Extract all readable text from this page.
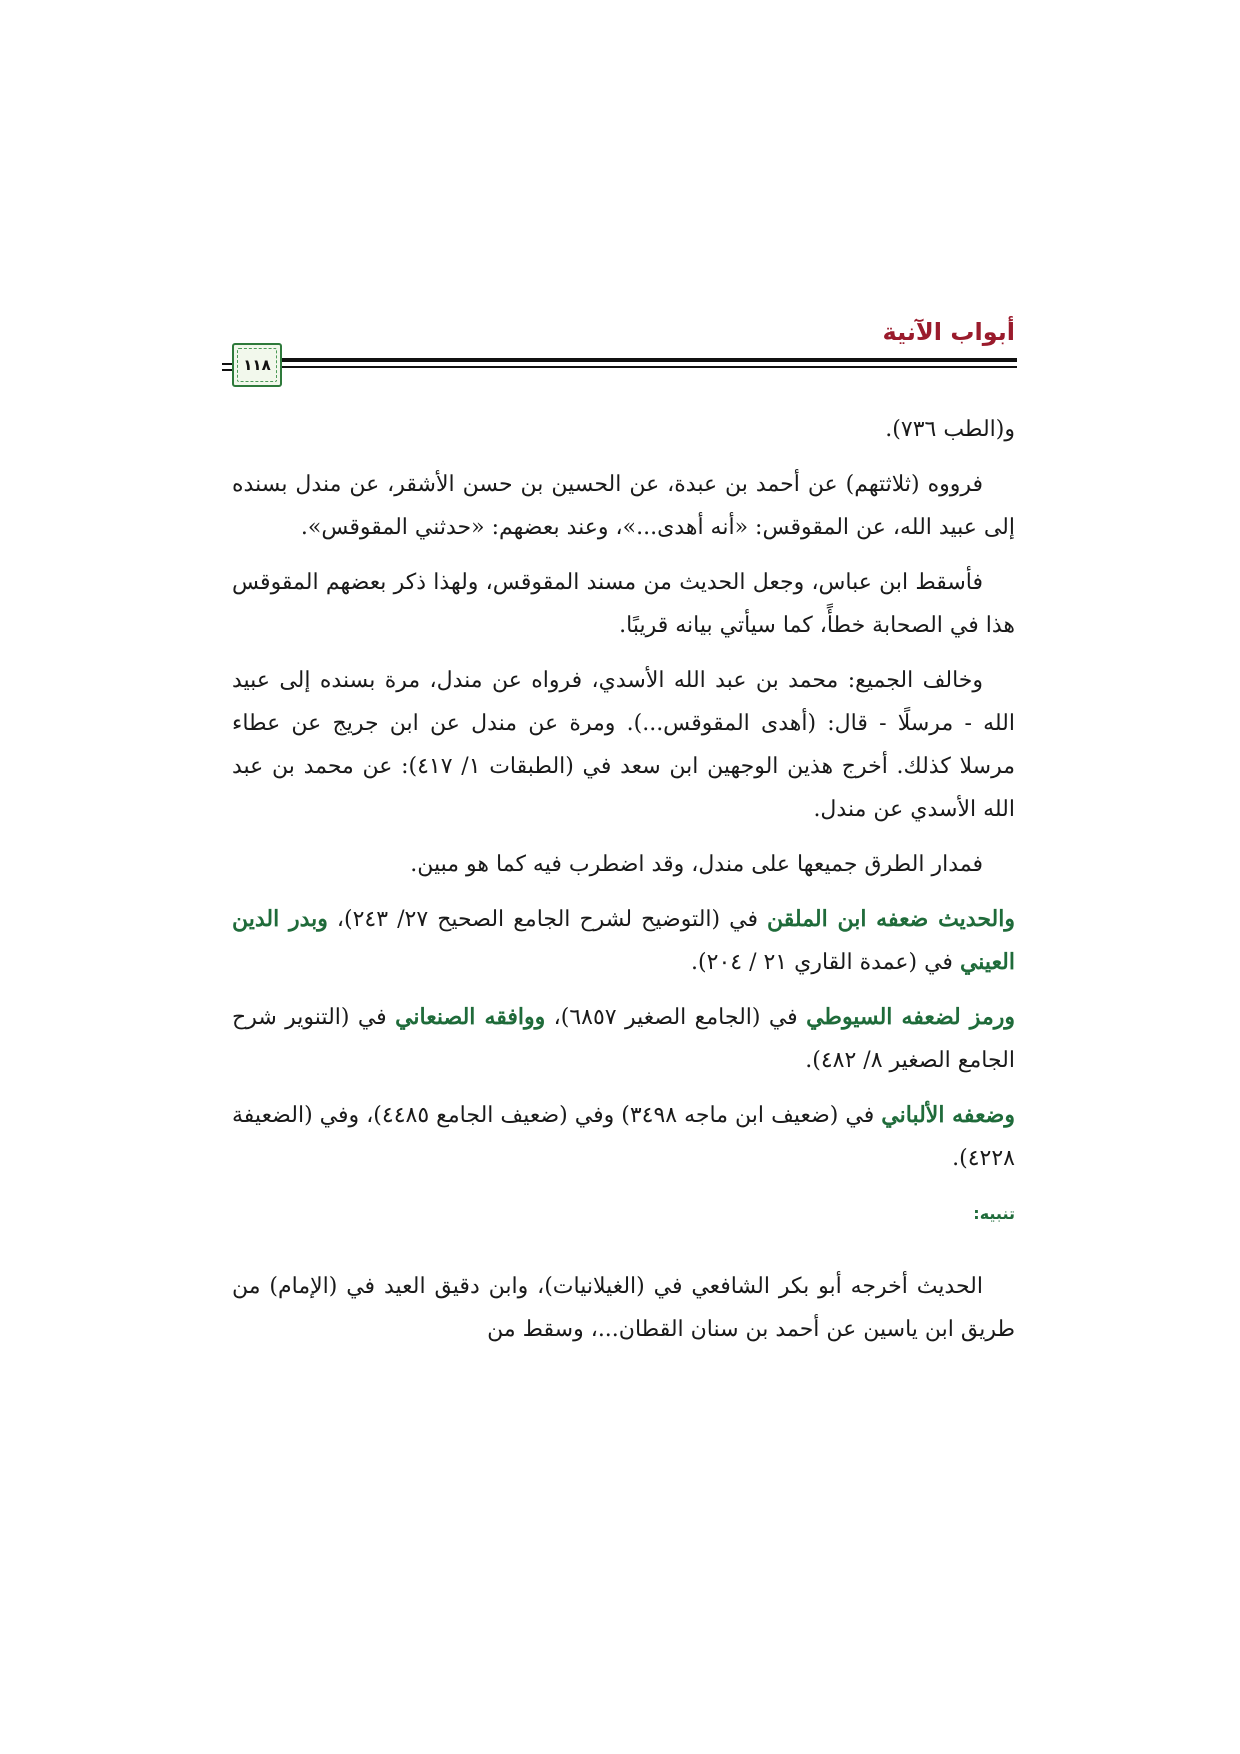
أبواب الآنية
١١٨

و(الطب ٧٣٦).

فرووه (ثلاثتهم) عن أحمد بن عبدة، عن الحسين بن حسن الأشقر، عن مندل بسنده إلى عبيد الله، عن المقوقس: «أنه أهدى...»، وعند بعضهم: «حدثني المقوقس».

فأسقط ابن عباس، وجعل الحديث من مسند المقوقس، ولهذا ذكر بعضهم المقوقس هذا في الصحابة خطأً، كما سيأتي بيانه قريبًا.

وخالف الجميع: محمد بن عبد الله الأسدي، فرواه عن مندل، مرة بسنده إلى عبيد الله - مرسلًا - قال: (أهدى المقوقس...). ومرة عن مندل عن ابن جريج عن عطاء مرسلا كذلك. أخرج هذين الوجهين ابن سعد في (الطبقات ١/ ٤١٧): عن محمد بن عبد الله الأسدي عن مندل.

فمدار الطرق جميعها على مندل، وقد اضطرب فيه كما هو مبين.

والحديث ضعفه ابن الملقن في (التوضيح لشرح الجامع الصحيح ٢٧/ ٢٤٣)، وبدر الدين العيني في (عمدة القاري ٢١ / ٢٠٤).

ورمز لضعفه السيوطي في (الجامع الصغير ٦٨٥٧)، ووافقه الصنعاني في (التنوير شرح الجامع الصغير ٨/ ٤٨٢).

وضعفه الألباني في (ضعيف ابن ماجه ٣٤٩٨) وفي (ضعيف الجامع ٤٤٨٥)، وفي (الضعيفة ٤٢٢٨).

تنبيه:

الحديث أخرجه أبو بكر الشافعي في (الغيلانيات)، وابن دقيق العيد في (الإمام) من طريق ابن ياسين عن أحمد بن سنان القطان...، وسقط من
